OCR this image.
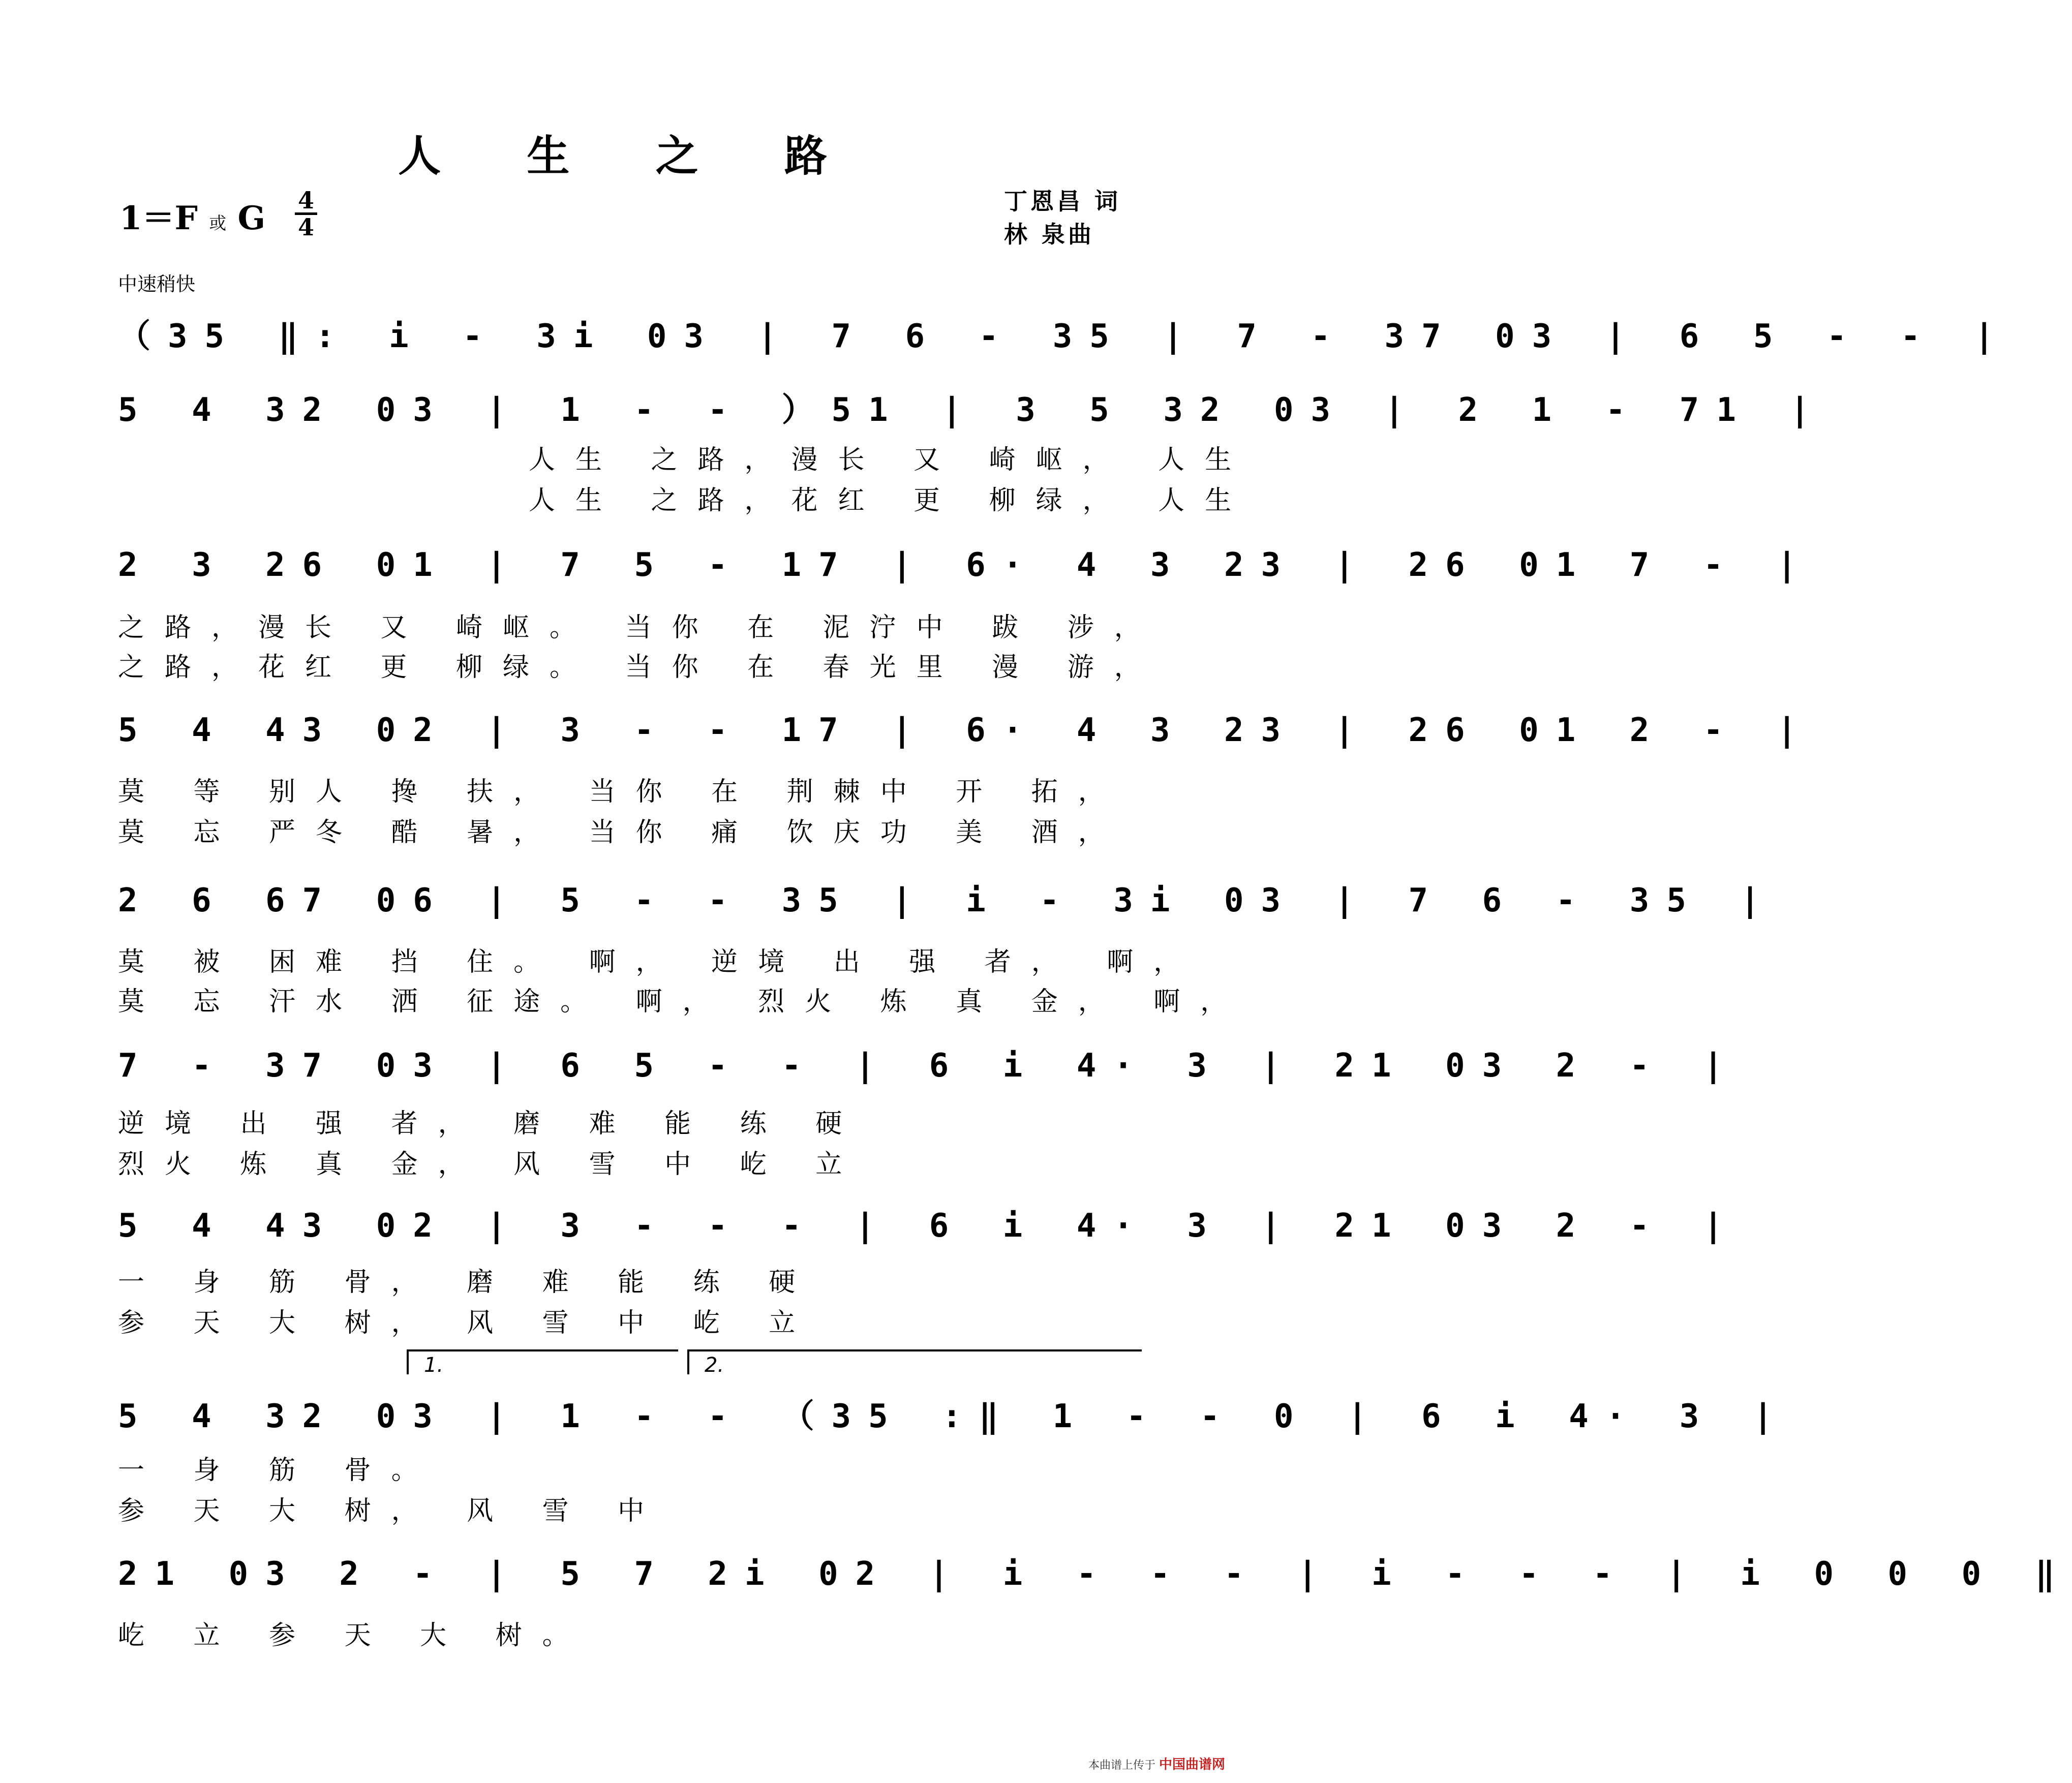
人 生 之 路
1＝F 或 G 4
4
丁恩昌 词
林 泉曲
中速稍快
（35 ‖: i - 3i 03 | 7 6 - 35 | 7 - 37 03 | 6 5 - - |
5 4 32 03 | 1 - - ）51 | 3 5 32 03 | 2 1 - 71 |
人生 之路，漫长 又 崎岖， 人生
人生 之路，花红 更 柳绿， 人生
2 3 26 01 | 7 5 - 17 | 6· 4 3 23 | 26 01 7 - |
之路，漫长 又 崎岖。 当你 在 泥泞中 跋 涉，
之路，花红 更 柳绿。 当你 在 春光里 漫 游，
5 4 43 02 | 3 - - 17 | 6· 4 3 23 | 26 01 2 - |
莫 等 别人 搀 扶， 当你 在 荆棘中 开 拓，
莫 忘 严冬 酷 暑， 当你 痛 饮庆功 美 酒，
2 6 67 06 | 5 - - 35 | i - 3i 03 | 7 6 - 35 |
莫 被 困难 挡 住。 啊， 逆境 出 强 者， 啊，
莫 忘 汗水 洒 征途。 啊， 烈火 炼 真 金， 啊，
7 - 37 03 | 6 5 - - | 6 i 4· 3 | 21 03 2 - |
逆境 出 强 者， 磨 难 能 练 硬
烈火 炼 真 金， 风 雪 中 屹 立
5 4 43 02 | 3 - - - | 6 i 4· 3 | 21 03 2 - |
一 身 筋 骨， 磨 难 能 练 硬
参 天 大 树， 风 雪 中 屹 立
1.	2.
5 4 32 03 | 1 - - （35 :‖ 1 - - 0 | 6 i 4· 3 |
一 身 筋 骨。
参 天 大 树， 风 雪 中
21 03 2 - | 5 7 2i 02 | i - - - | i - - - | i 0 0 0 ‖
屹 立 参 天 大 树。
本曲谱上传于 中国曲谱网
